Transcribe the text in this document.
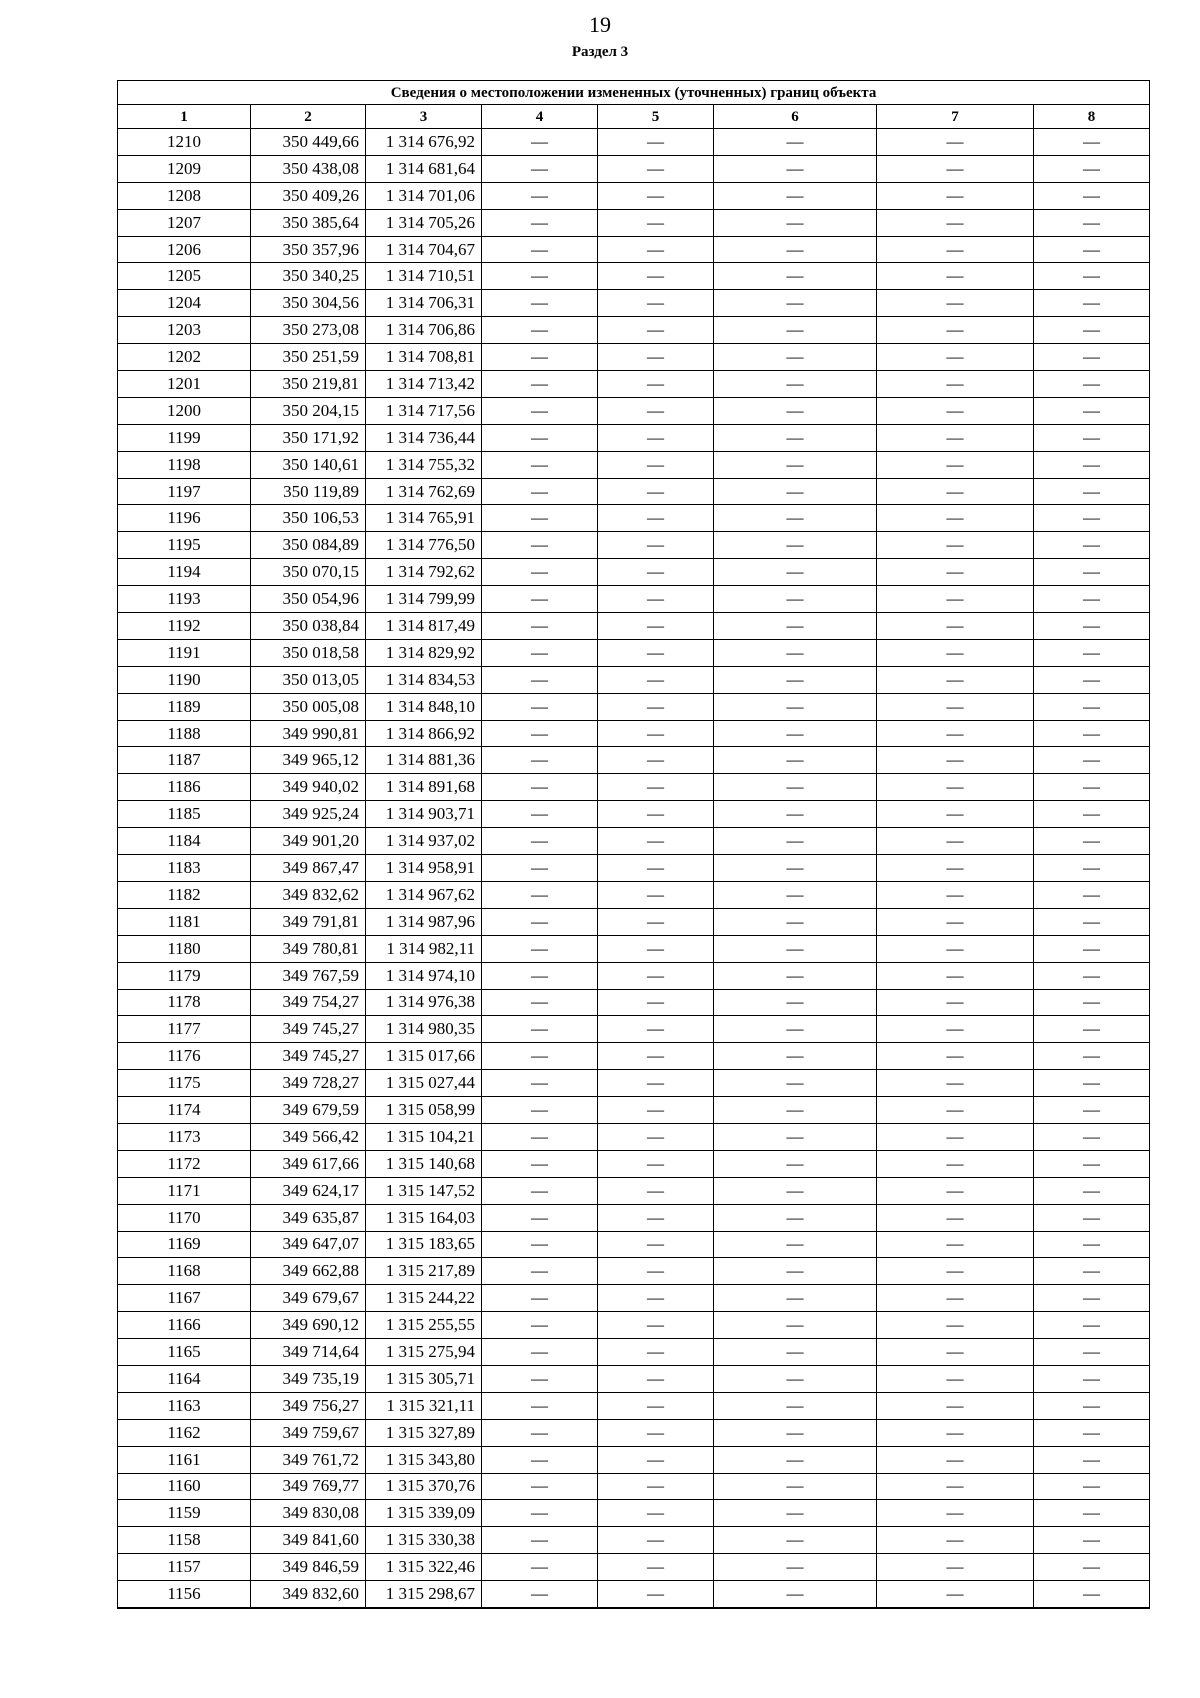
19
Раздел 3
Сведения о местоположении измененных (уточненных) границ объекта							
1	2	3	4	5	6	7	8
1210	350 449,66	1 314 676,92	—	—	—	—	—
1209	350 438,08	1 314 681,64	—	—	—	—	—
1208	350 409,26	1 314 701,06	—	—	—	—	—
1207	350 385,64	1 314 705,26	—	—	—	—	—
1206	350 357,96	1 314 704,67	—	—	—	—	—
1205	350 340,25	1 314 710,51	—	—	—	—	—
1204	350 304,56	1 314 706,31	—	—	—	—	—
1203	350 273,08	1 314 706,86	—	—	—	—	—
1202	350 251,59	1 314 708,81	—	—	—	—	—
1201	350 219,81	1 314 713,42	—	—	—	—	—
1200	350 204,15	1 314 717,56	—	—	—	—	—
1199	350 171,92	1 314 736,44	—	—	—	—	—
1198	350 140,61	1 314 755,32	—	—	—	—	—
1197	350 119,89	1 314 762,69	—	—	—	—	—
1196	350 106,53	1 314 765,91	—	—	—	—	—
1195	350 084,89	1 314 776,50	—	—	—	—	—
1194	350 070,15	1 314 792,62	—	—	—	—	—
1193	350 054,96	1 314 799,99	—	—	—	—	—
1192	350 038,84	1 314 817,49	—	—	—	—	—
1191	350 018,58	1 314 829,92	—	—	—	—	—
1190	350 013,05	1 314 834,53	—	—	—	—	—
1189	350 005,08	1 314 848,10	—	—	—	—	—
1188	349 990,81	1 314 866,92	—	—	—	—	—
1187	349 965,12	1 314 881,36	—	—	—	—	—
1186	349 940,02	1 314 891,68	—	—	—	—	—
1185	349 925,24	1 314 903,71	—	—	—	—	—
1184	349 901,20	1 314 937,02	—	—	—	—	—
1183	349 867,47	1 314 958,91	—	—	—	—	—
1182	349 832,62	1 314 967,62	—	—	—	—	—
1181	349 791,81	1 314 987,96	—	—	—	—	—
1180	349 780,81	1 314 982,11	—	—	—	—	—
1179	349 767,59	1 314 974,10	—	—	—	—	—
1178	349 754,27	1 314 976,38	—	—	—	—	—
1177	349 745,27	1 314 980,35	—	—	—	—	—
1176	349 745,27	1 315 017,66	—	—	—	—	—
1175	349 728,27	1 315 027,44	—	—	—	—	—
1174	349 679,59	1 315 058,99	—	—	—	—	—
1173	349 566,42	1 315 104,21	—	—	—	—	—
1172	349 617,66	1 315 140,68	—	—	—	—	—
1171	349 624,17	1 315 147,52	—	—	—	—	—
1170	349 635,87	1 315 164,03	—	—	—	—	—
1169	349 647,07	1 315 183,65	—	—	—	—	—
1168	349 662,88	1 315 217,89	—	—	—	—	—
1167	349 679,67	1 315 244,22	—	—	—	—	—
1166	349 690,12	1 315 255,55	—	—	—	—	—
1165	349 714,64	1 315 275,94	—	—	—	—	—
1164	349 735,19	1 315 305,71	—	—	—	—	—
1163	349 756,27	1 315 321,11	—	—	—	—	—
1162	349 759,67	1 315 327,89	—	—	—	—	—
1161	349 761,72	1 315 343,80	—	—	—	—	—
1160	349 769,77	1 315 370,76	—	—	—	—	—
1159	349 830,08	1 315 339,09	—	—	—	—	—
1158	349 841,60	1 315 330,38	—	—	—	—	—
1157	349 846,59	1 315 322,46	—	—	—	—	—
1156	349 832,60	1 315 298,67	—	—	—	—	—
